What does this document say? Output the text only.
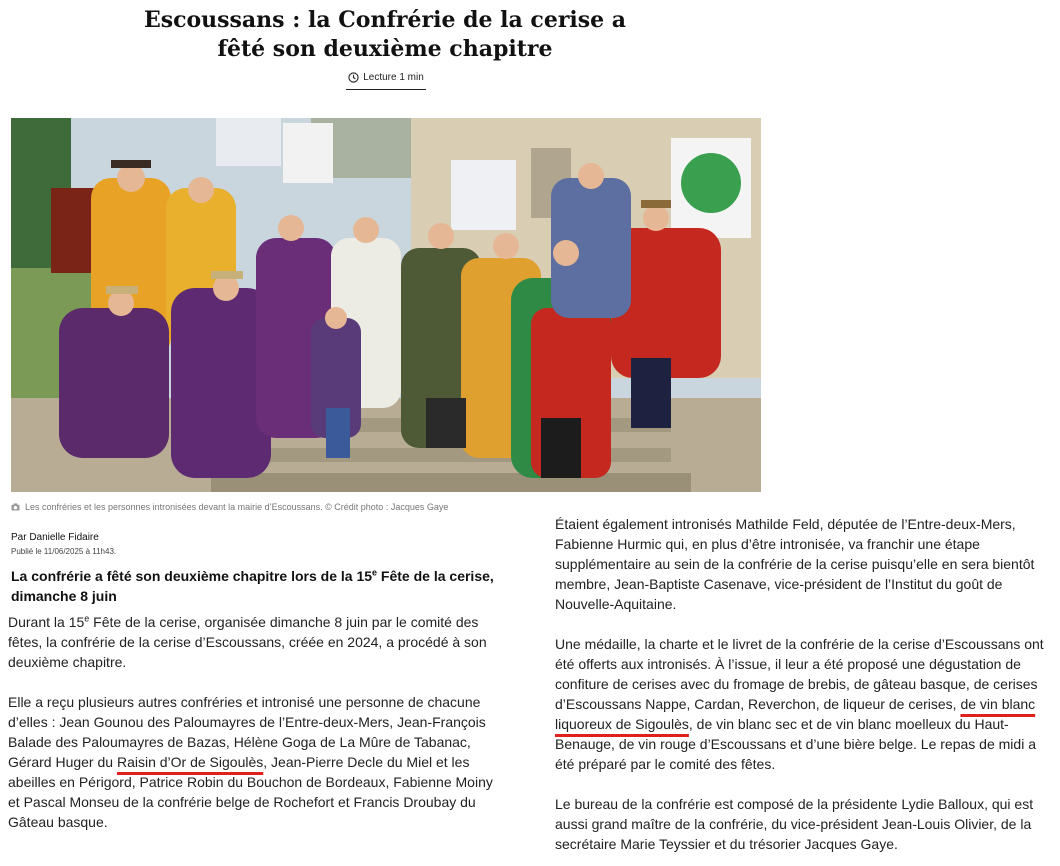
Escoussans : la Confrérie de la cerise a fêté son deuxième chapitre
Lecture 1 min
Les confréries et les personnes intronisées devant la mairie d’Escoussans. © Crédit photo : Jacques Gaye
Par Danielle Fidaire
Publié le 11/06/2025 à 11h43.
La confrérie a fêté son deuxième chapitre lors de la 15e Fête de la cerise, dimanche 8 juin

Durant la 15e Fête de la cerise, organisée dimanche 8 juin par le comité des fêtes, la confrérie de la cerise d’Escoussans, créée en 2024, a procédé à son deuxième chapitre.

Elle a reçu plusieurs autres confréries et intronisé une personne de chacune d’elles : Jean Gounou des Paloumayres de l’Entre-deux-Mers, Jean-François Balade des Paloumayres de Bazas, Hélène Goga de La Mûre de Tabanac, Gérard Huger du Raisin d’Or de Sigoulès, Jean-Pierre Decle du Miel et les abeilles en Périgord, Patrice Robin du Bouchon de Bordeaux, Fabienne Moiny et Pascal Monseu de la confrérie belge de Rochefort et Francis Droubay du Gâteau basque.

Étaient également intronisés Mathilde Feld, députée de l’Entre-deux-Mers, Fabienne Hurmic qui, en plus d’être intronisée, va franchir une étape supplémentaire au sein de la confrérie de la cerise puisqu’elle en sera bientôt membre, Jean-Baptiste Casenave, vice-président de l’Institut du goût de Nouvelle-Aquitaine.

Une médaille, la charte et le livret de la confrérie de la cerise d’Escoussans ont été offerts aux intronisés. À l’issue, il leur a été proposé une dégustation de confiture de cerises avec du fromage de brebis, de gâteau basque, de cerises d’Escoussans Nappe, Cardan, Reverchon, de liqueur de cerises, de vin blanc liquoreux de Sigoulès, de vin blanc sec et de vin blanc moelleux du Haut-Benauge, de vin rouge d’Escoussans et d’une bière belge. Le repas de midi a été préparé par le comité des fêtes.

Le bureau de la confrérie est composé de la présidente Lydie Balloux, qui est aussi grand maître de la confrérie, du vice-président Jean-Louis Olivier, de la secrétaire Marie Teyssier et du trésorier Jacques Gaye.
